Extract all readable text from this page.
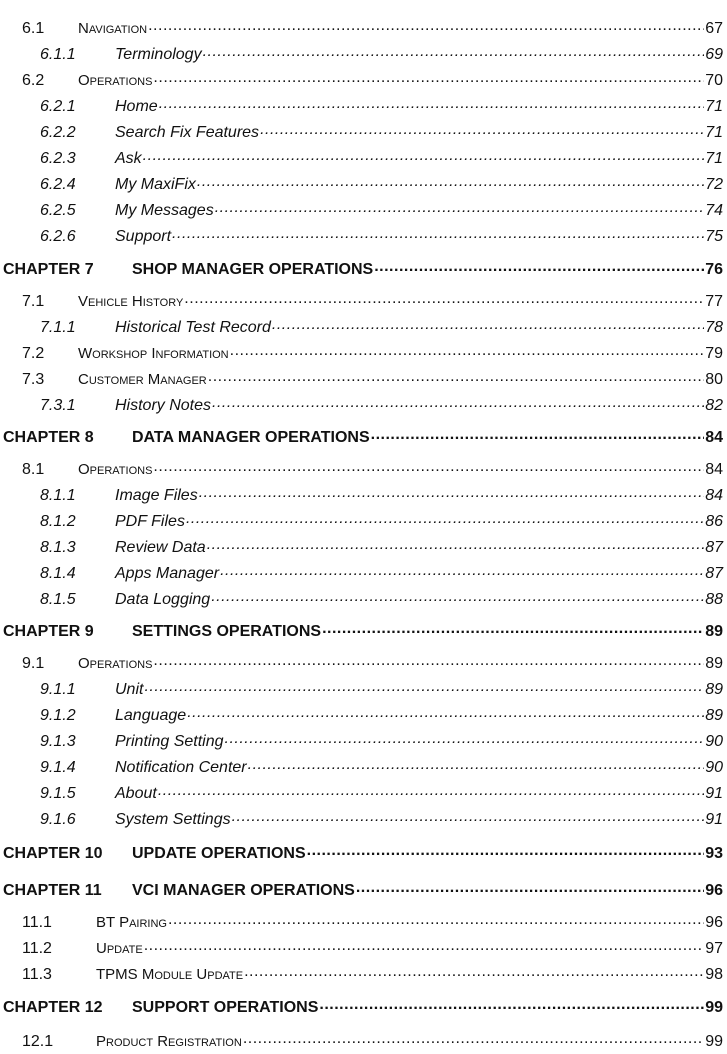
6.1	Navigation .....	67
6.1.1	Terminology .....	69
6.2	Operations .....	70
6.2.1	Home .....	71
6.2.2	Search Fix Features .....	71
6.2.3	Ask .....	71
6.2.4	My MaxiFix .....	72
6.2.5	My Messages .....	74
6.2.6	Support .....	75
CHAPTER 7	SHOP MANAGER OPERATIONS .....	76
7.1	Vehicle History .....	77
7.1.1	Historical Test Record .....	78
7.2	Workshop Information .....	79
7.3	Customer Manager .....	80
7.3.1	History Notes .....	82
CHAPTER 8	DATA MANAGER OPERATIONS .....	84
8.1	Operations .....	84
8.1.1	Image Files .....	84
8.1.2	PDF Files .....	86
8.1.3	Review Data .....	87
8.1.4	Apps Manager .....	87
8.1.5	Data Logging .....	88
CHAPTER 9	SETTINGS OPERATIONS .....	89
9.1	Operations .....	89
9.1.1	Unit .....	89
9.1.2	Language .....	89
9.1.3	Printing Setting .....	90
9.1.4	Notification Center .....	90
9.1.5	About .....	91
9.1.6	System Settings .....	91
CHAPTER 10	UPDATE OPERATIONS .....	93
CHAPTER 11	VCI MANAGER OPERATIONS .....	96
11.1	BT Pairing .....	96
11.2	Update .....	97
11.3	TPMS Module Update .....	98
CHAPTER 12	SUPPORT OPERATIONS .....	99
12.1	Product Registration .....	99
